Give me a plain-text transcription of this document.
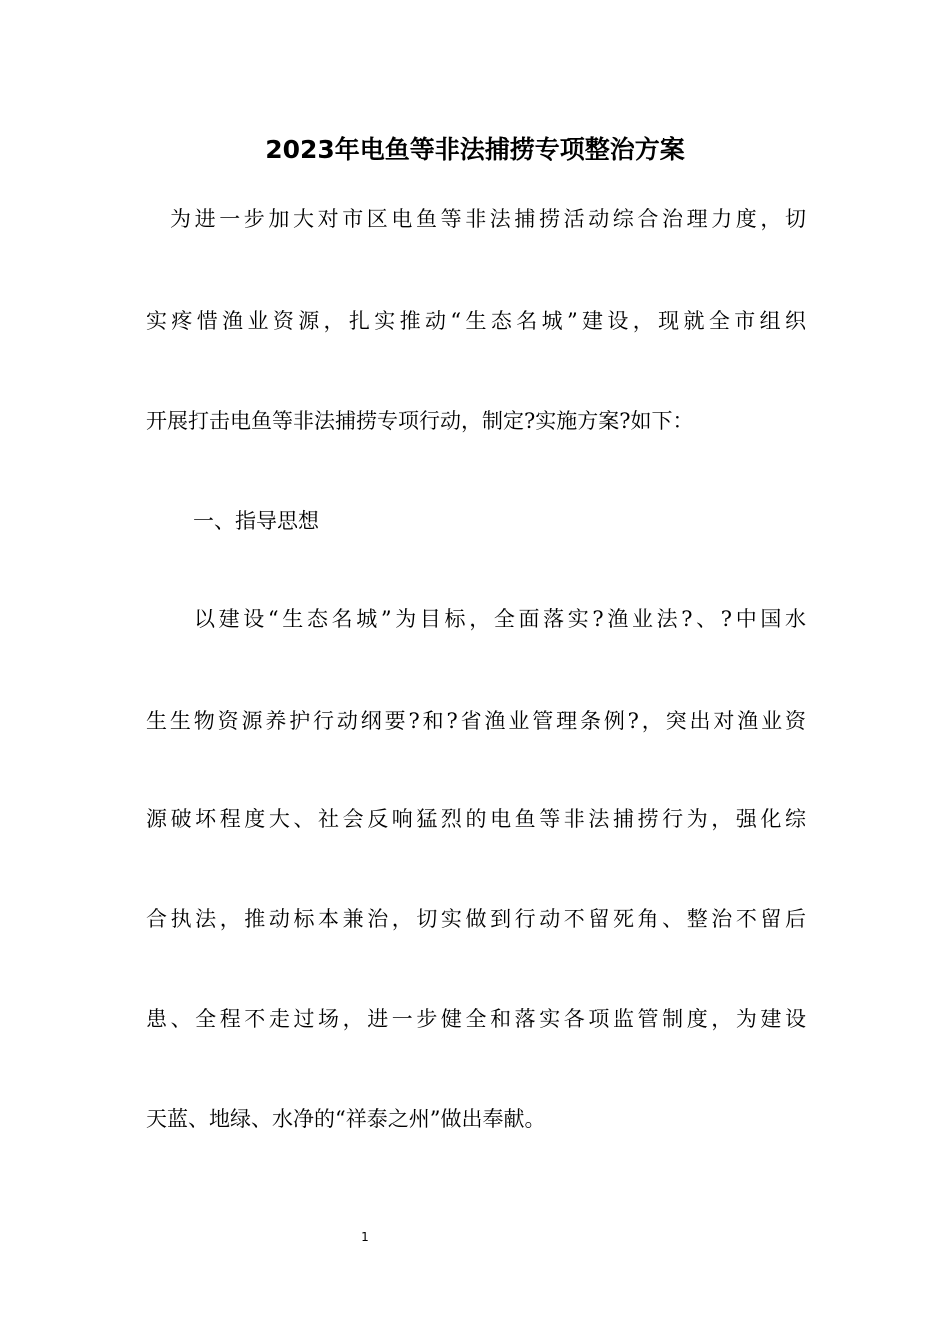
2023年电鱼等非法捕捞专项整治方案
为进一步加大对市区电鱼等非法捕捞活动综合治理力度，切
实疼惜渔业资源，扎实推动“生态名城”建设，现就全市组织
开展打击电鱼等非法捕捞专项行动，制定?实施方案?如下：
一、指导思想
以建设“生态名城”为目标，全面落实?渔业法?、?中国水
生生物资源养护行动纲要?和?省渔业管理条例?，突出对渔业资
源破坏程度大、社会反响猛烈的电鱼等非法捕捞行为，强化综
合执法，推动标本兼治，切实做到行动不留死角、整治不留后
患、全程不走过场，进一步健全和落实各项监管制度，为建设
天蓝、地绿、水净的“祥泰之州”做出奉献。
1
